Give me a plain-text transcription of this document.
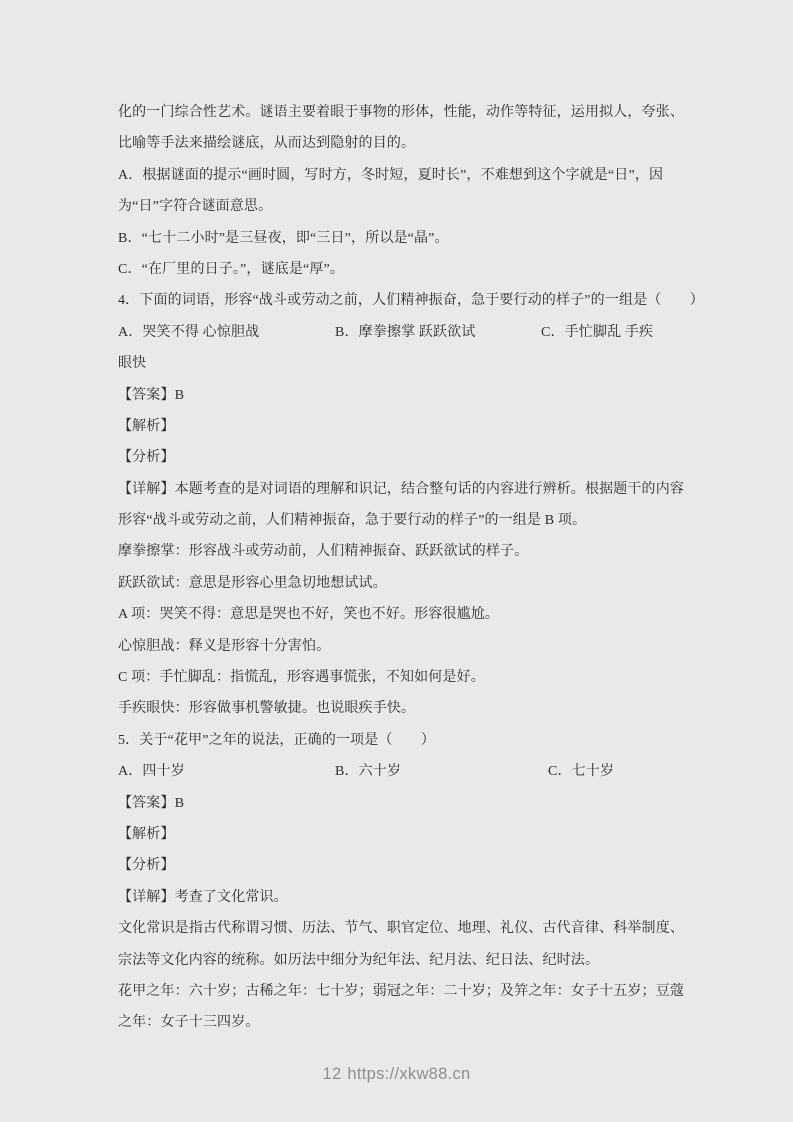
化的一门综合性艺术。谜语主要着眼于事物的形体，性能，动作等特征，运用拟人，夸张、
比喻等手法来描绘谜底，从而达到隐射的目的。
A．根据谜面的提示“画时圆，写时方，冬时短，夏时长”，不难想到这个字就是“日”，因
为“日”字符合谜面意思。
B．“七十二小时”是三昼夜，即“三日”，所以是“晶”。
C．“在厂里的日子。”，谜底是“厚”。
4．下面的词语，形容“战斗或劳动之前，人们精神振奋，急于要行动的样子”的一组是（　　）
A．哭笑不得 心惊胆战	B．摩拳擦掌 跃跃欲试	C．手忙脚乱 手疾
眼快
【答案】B
【解析】
【分析】
【详解】本题考查的是对词语的理解和识记，结合整句话的内容进行辨析。根据题干的内容
形容“战斗或劳动之前，人们精神振奋，急于要行动的样子”的一组是 B 项。
摩拳擦掌：形容战斗或劳动前，人们精神振奋、跃跃欲试的样子。
跃跃欲试：意思是形容心里急切地想试试。
A 项：哭笑不得：意思是哭也不好，笑也不好。形容很尴尬。
心惊胆战：释义是形容十分害怕。
C 项：手忙脚乱：指慌乱，形容遇事慌张，不知如何是好。
手疾眼快：形容做事机警敏捷。也说眼疾手快。
5．关于“花甲”之年的说法，正确的一项是（　　）
A．四十岁	B．六十岁	C．七十岁
【答案】B
【解析】
【分析】
【详解】考查了文化常识。
文化常识是指古代称谓习惯、历法、节气、职官定位、地理、礼仪、古代音律、科举制度、
宗法等文化内容的统称。如历法中细分为纪年法、纪月法、纪日法、纪时法。
花甲之年：六十岁；古稀之年：七十岁；弱冠之年：二十岁；及笄之年：女子十五岁；豆蔻
之年：女子十三四岁。
12 https://xkw88.cn
